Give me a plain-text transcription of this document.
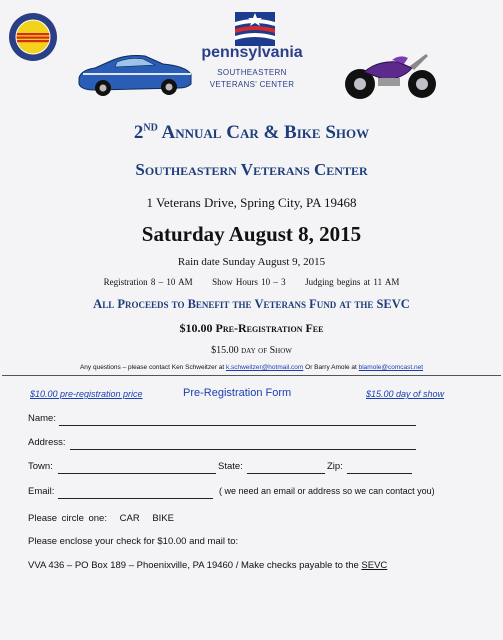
pennsylvania
SOUTHEASTERN
VETERANS' CENTER
2ND Annual Car & Bike Show
Southeastern Veterans Center
1 Veterans Drive, Spring City, PA 19468
Saturday August 8, 2015
Rain date Sunday August 9, 2015
Registration 8 – 10 AM Show Hours 10 – 3 Judging begins at 11 AM
All Proceeds to Benefit the Veterans Fund at the SEVC
$10.00 Pre-Registration Fee
$15.00 day of Show
Any questions – please contact Ken Schweitzer at k.schweitzer@hotmail.com Or Barry Amole at blamole@comcast.net
$10.00 pre-registration price	Pre-Registration Form	$15.00 day of show
Name:
Address:
Town:	State:	Zip:
Email:	( we need an email or address so we can contact you)
Please circle one: CAR BIKE
Please enclose your check for $10.00 and mail to:
VVA 436 – PO Box 189 – Phoenixville, PA 19460 / Make checks payable to the SEVC
